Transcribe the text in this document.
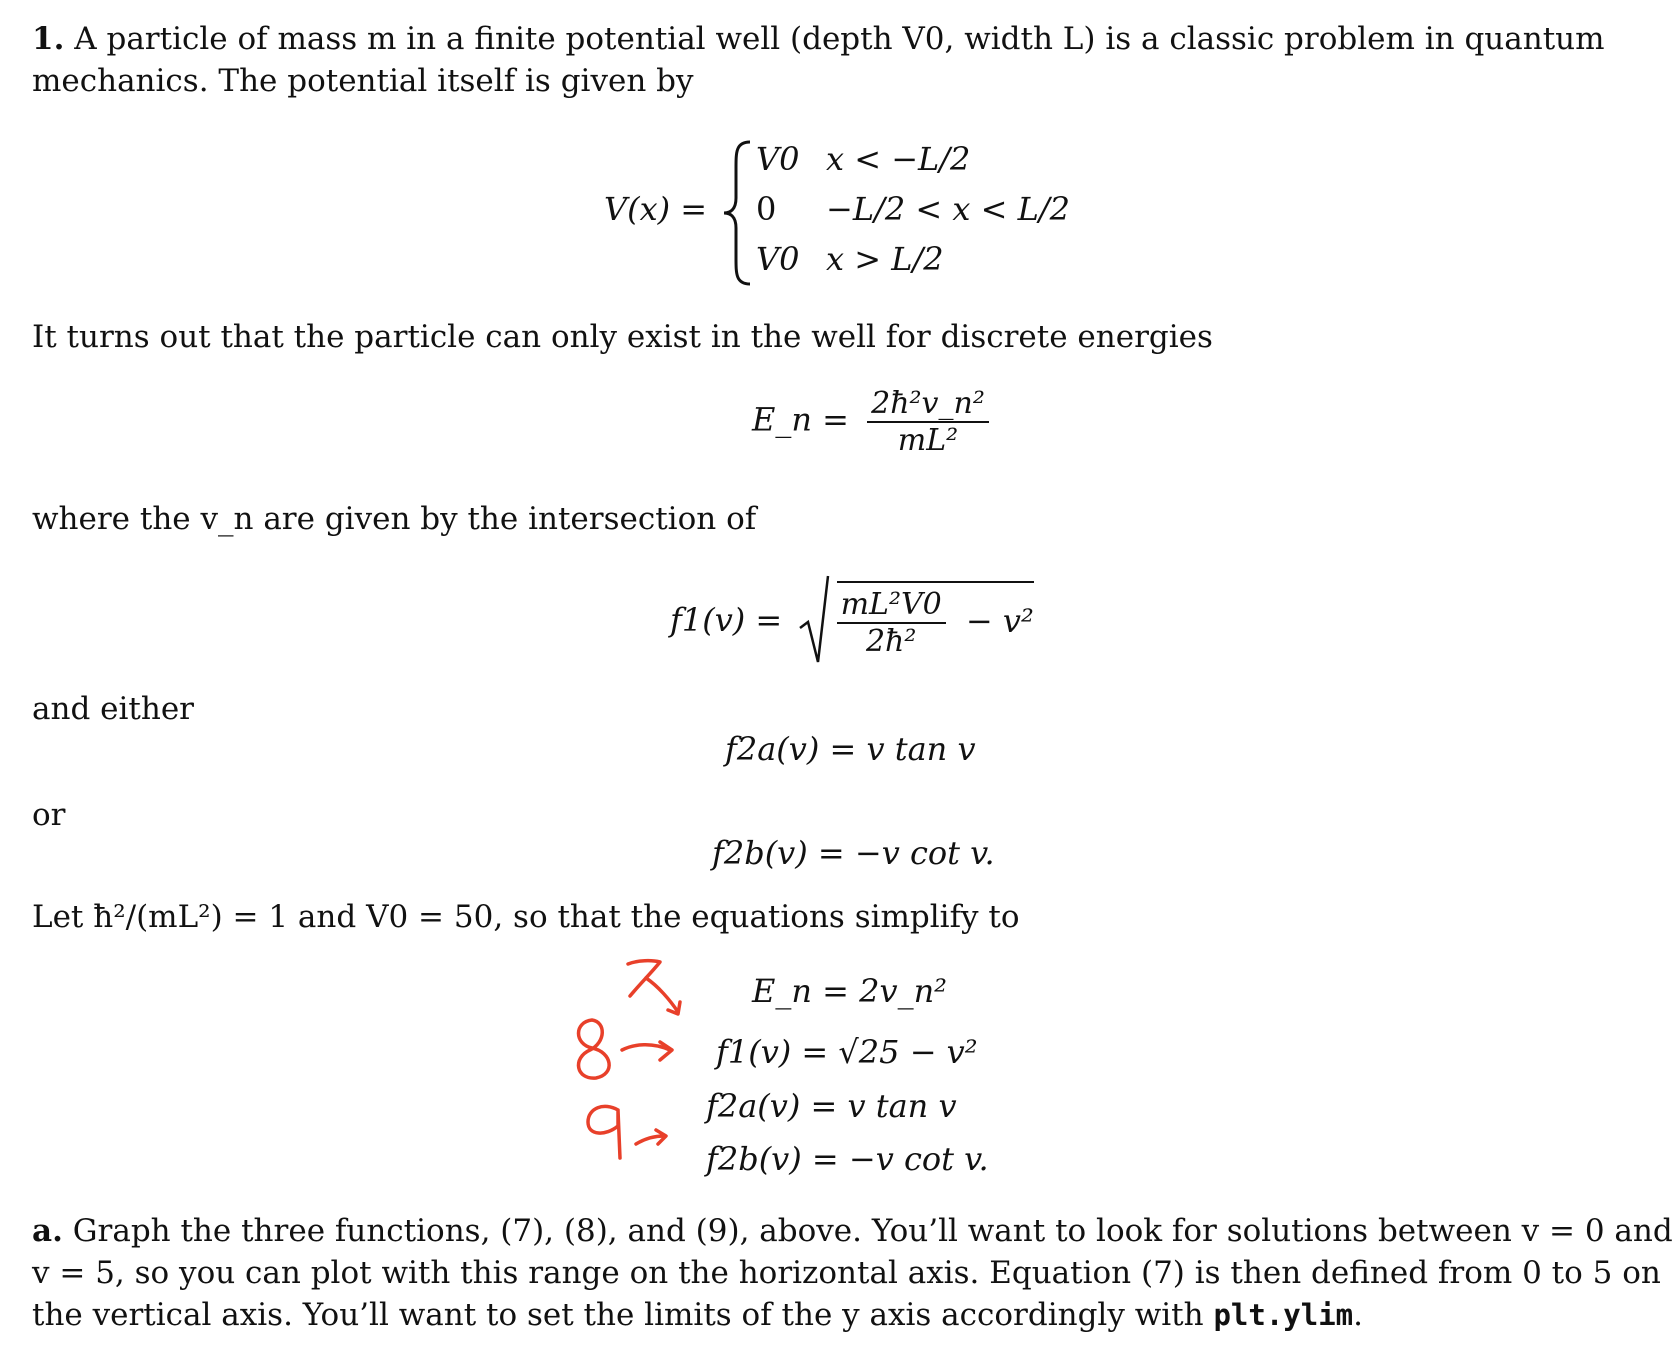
1. A particle of mass m in a finite potential well (depth V0, width L) is a classic problem in quantum
mechanics. The potential itself is given by
V(x) =
V0 x < −L/2
0 −L/2 < x < L/2
V0 x > L/2
It turns out that the particle can only exist in the well for discrete energies
E_n = $\frac{\text{2ħ²v\_n²}}{\text{mL²}}$
where the v_n are given by the intersection of
$f1(v) = \frac{\text{mL²V0}}{\text{2ħ²}} - v^2$
and either
f2a(v) = v tan v
or
f2b(v) = −v cot v.
Let ħ²/(mL²) = 1 and V0 = 50, so that the equations simplify to
E_n = 2v_n²
f1(v) = √25 − v²
f2a(v) = v tan v
f2b(v) = −v cot v.
a. Graph the three functions, (7), (8), and (9), above. You’ll want to look for solutions between v = 0 and
v = 5, so you can plot with this range on the horizontal axis. Equation (7) is then defined from 0 to 5 on
the vertical axis. You’ll want to set the limits of the y axis accordingly with plt.ylim.
